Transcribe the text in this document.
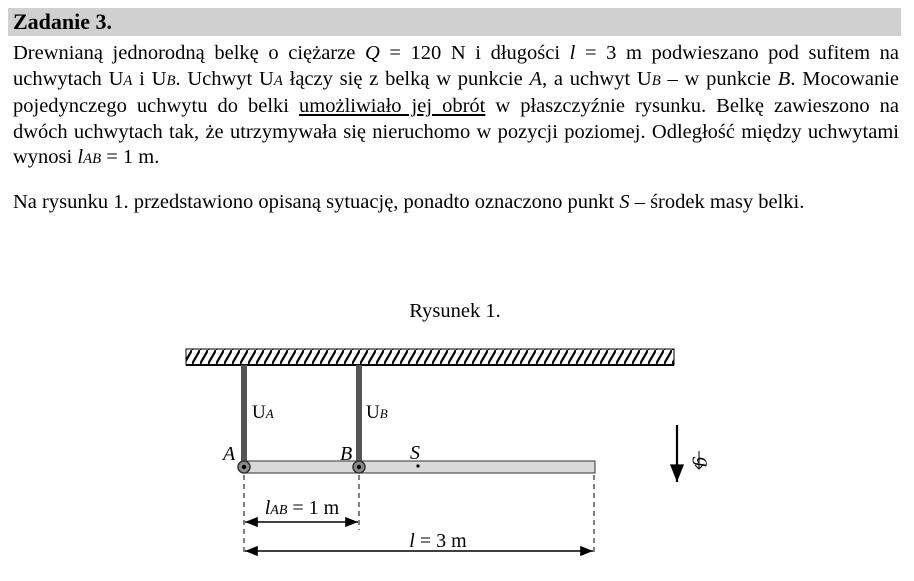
Zadanie 3.

Drewnianą jednorodną belkę o ciężarze Q = 120 N i długości l = 3 m podwieszano pod sufitem na uchwytach UA i UB. Uchwyt UA łączy się z belką w punkcie A, a uchwyt UB – w punkcie B. Mocowanie pojedynczego uchwytu do belki umożliwiało jej obrót w płaszczyźnie rysunku. Belkę zawieszono na dwóch uchwytach tak, że utrzymywała się nieruchomo w pozycji poziomej. Odległość między uchwytami wynosi lAB = 1 m.

Na rysunku 1. przedstawiono opisaną sytuację, ponadto oznaczono punkt S – środek masy belki.

Rysunek 1.
UA	UB
A	B	S	g
lAB = 1 m
l = 3 m
